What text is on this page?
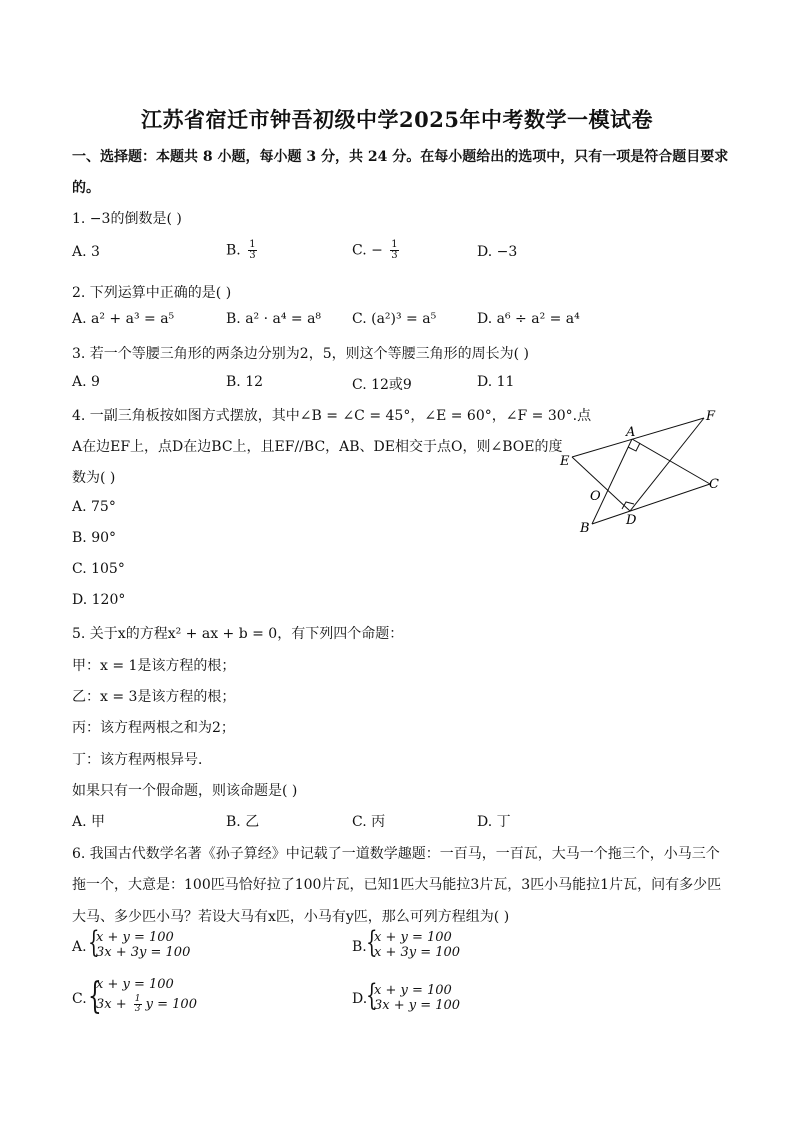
江苏省宿迁市钟吾初级中学2025年中考数学一模试卷
一、选择题：本题共 8 小题，每小题 3 分，共 24 分。在每小题给出的选项中，只有一项是符合题目要求
的。
1. −3的倒数是( )
A. 3	B. $\frac{1}{3}$	C. − $\frac{1}{3}$	D. −3
2. 下列运算中正确的是( )
A. a² + a³ = a⁵	B. a² · a⁴ = a⁸ C. (a²)³ = a⁵	D. a⁶ ÷ a² = a⁴
3. 若一个等腰三角形的两条边分别为2，5，则这个等腰三角形的周长为( )
A. 9	B. 12	C. 12或9	D. 11
4. 一副三角板按如图方式摆放，其中∠B = ∠C = 45°，∠E = 60°，∠F = 30°.点
A在边EF上，点D在边BC上，且EF//BC，AB、DE相交于点O，则∠BOE的度
数为( )
A. 75°
B. 90°
C. 105°
D. 120°
A
B
C
D
E
F
O
5. 关于x的方程x² + ax + b = 0，有下列四个命题：
甲：x = 1是该方程的根；
乙：x = 3是该方程的根；
丙：该方程两根之和为2；
丁：该方程两根异号．
如果只有一个假命题，则该命题是( )
A. 甲	B. 乙	C. 丙	D. 丁
6. 我国古代数学名著《孙子算经》中记载了一道数学趣题：一百马，一百瓦，大马一个拖三个，小马三个
拖一个，大意是：100匹马恰好拉了100片瓦，已知1匹大马能拉3片瓦，3匹小马能拉1片瓦，问有多少匹
大马、多少匹小马？若设大马有x匹，小马有y匹，那么可列方程组为( )
A. {
x + y = 100
3x + 3y = 100	B. {
x + y = 100
x + 3y = 100
C. {
x + y = 100
$3x + \frac{1}{3}$ y = 100	D.
{
x + y = 100
3x + y = 100
